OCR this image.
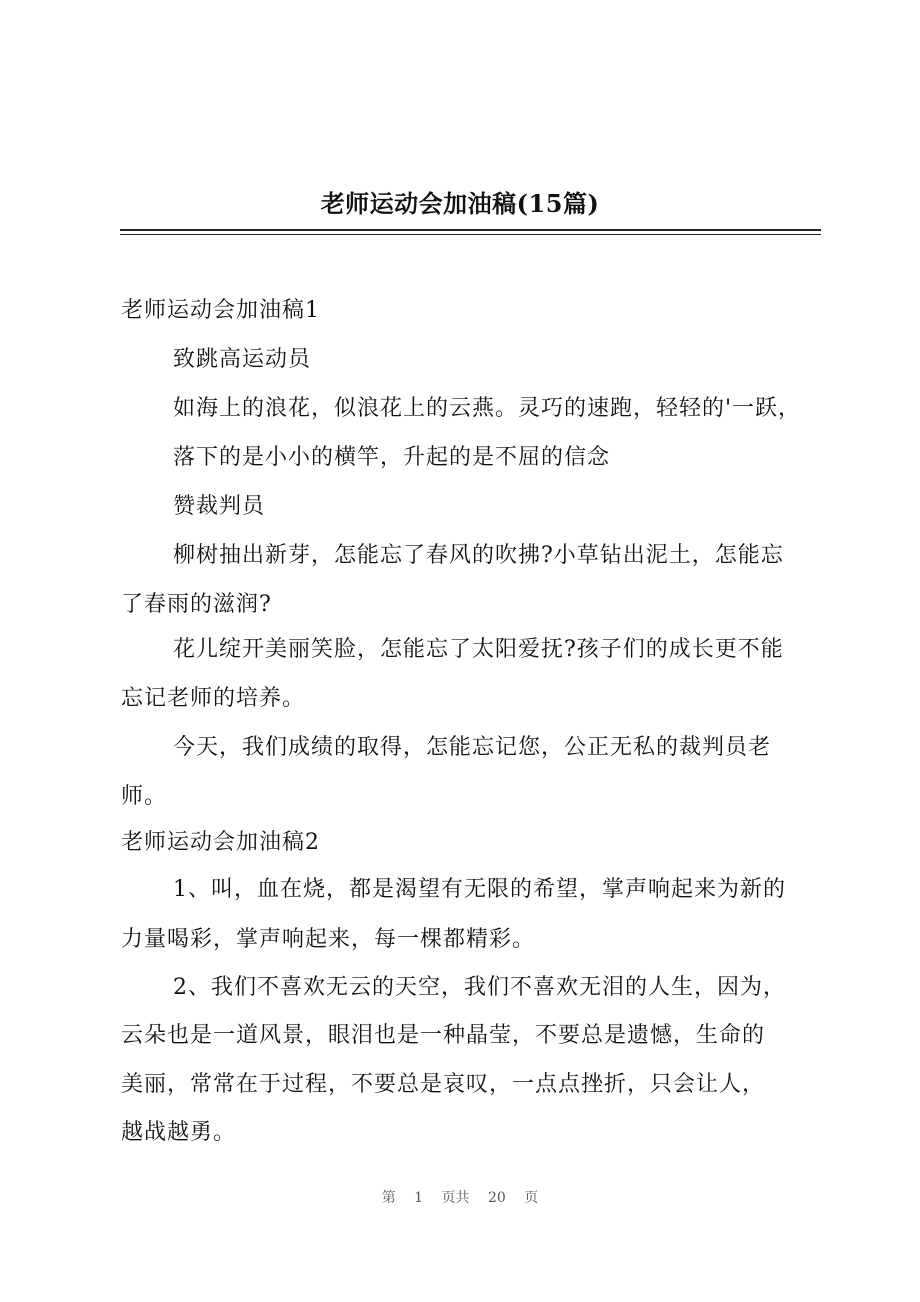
老师运动会加油稿(15篇)
老师运动会加油稿1
致跳高运动员
如海上的浪花，似浪花上的云燕。灵巧的速跑，轻轻的'一跃，
落下的是小小的横竿，升起的是不屈的信念
赞裁判员
柳树抽出新芽，怎能忘了春风的吹拂?小草钻出泥土，怎能忘
了春雨的滋润?
花儿绽开美丽笑脸，怎能忘了太阳爱抚?孩子们的成长更不能
忘记老师的培养。
今天，我们成绩的取得，怎能忘记您，公正无私的裁判员老
师。
老师运动会加油稿2
1、叫，血在烧，都是渴望有无限的希望，掌声响起来为新的
力量喝彩，掌声响起来，每一棵都精彩。
2、我们不喜欢无云的天空，我们不喜欢无泪的人生，因为，
云朵也是一道风景，眼泪也是一种晶莹，不要总是遗憾，生命的
美丽，常常在于过程，不要总是哀叹，一点点挫折，只会让人，
越战越勇。
第 1 页共 20 页
